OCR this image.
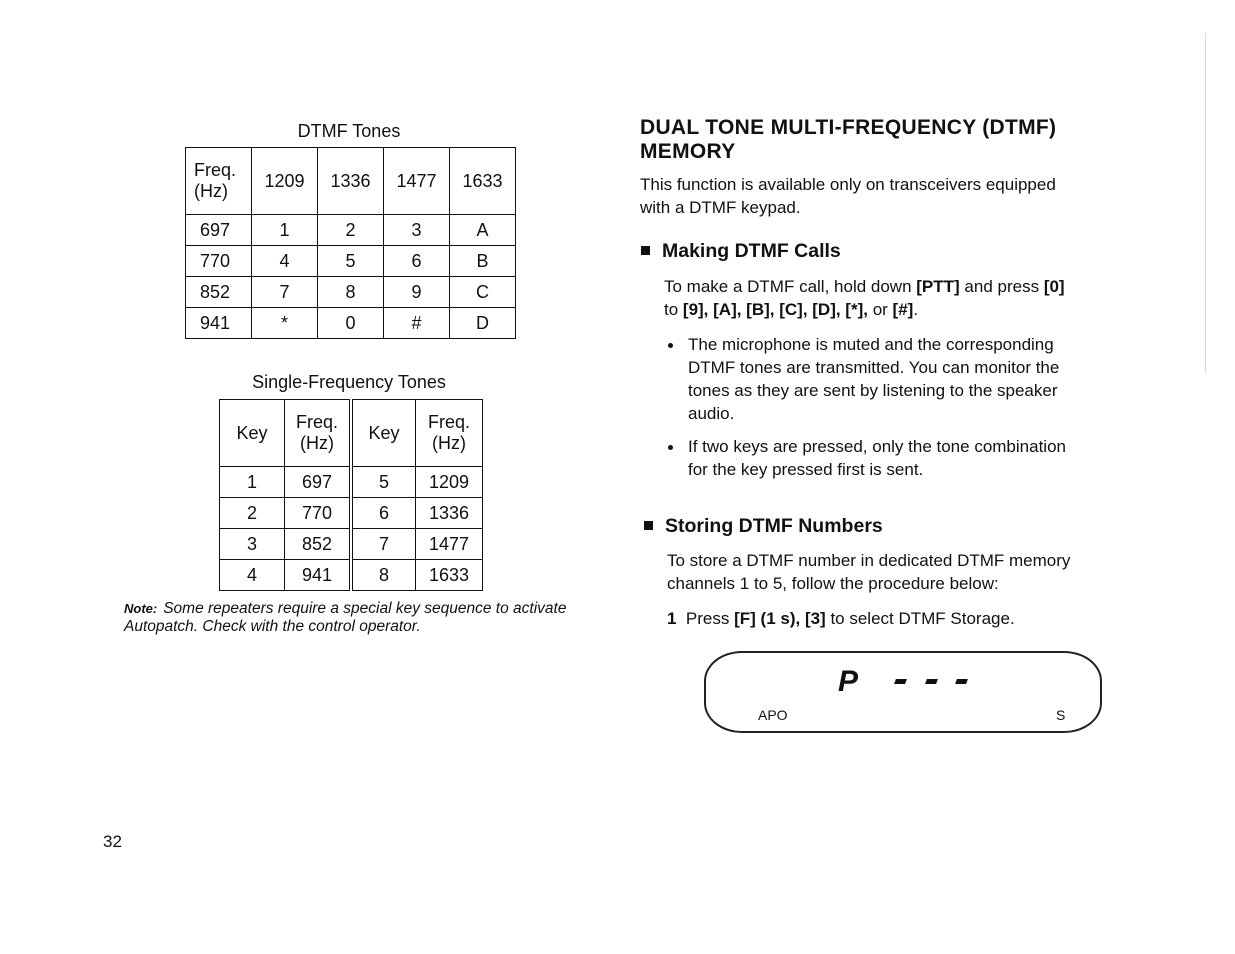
DTMF Tones
Freq.
(Hz)	1209	1336	1477	1633
697	1	2	3	A
770	4	5	6	B
852	7	8	9	C
941	*	0	#	D
Single-Frequency Tones
Key	Freq.
(Hz)	Key	Freq.
(Hz)
1	697	5	1209
2	770	6	1336
3	852	7	1477
4	941	8	1633
Note: Some repeaters require a special key sequence to activate Autopatch. Check with the control operator.
32
DUAL TONE MULTI-FREQUENCY (DTMF)
MEMORY
This function is available only on transceivers equipped
with a DTMF keypad.
Making DTMF Calls
To make a DTMF call, hold down [PTT] and press [0]
to [9], [A], [B], [C], [D], [*], or [#].
The microphone is muted and the corresponding
DTMF tones are transmitted. You can monitor the
tones as they are sent by listening to the speaker
audio.
If two keys are pressed, only the tone combination
for the key pressed first is sent.
Storing DTMF Numbers
To store a DTMF number in dedicated DTMF memory
channels 1 to 5, follow the procedure below:
1 Press [F] (1 s), [3] to select DTMF Storage.
APO
P
S
